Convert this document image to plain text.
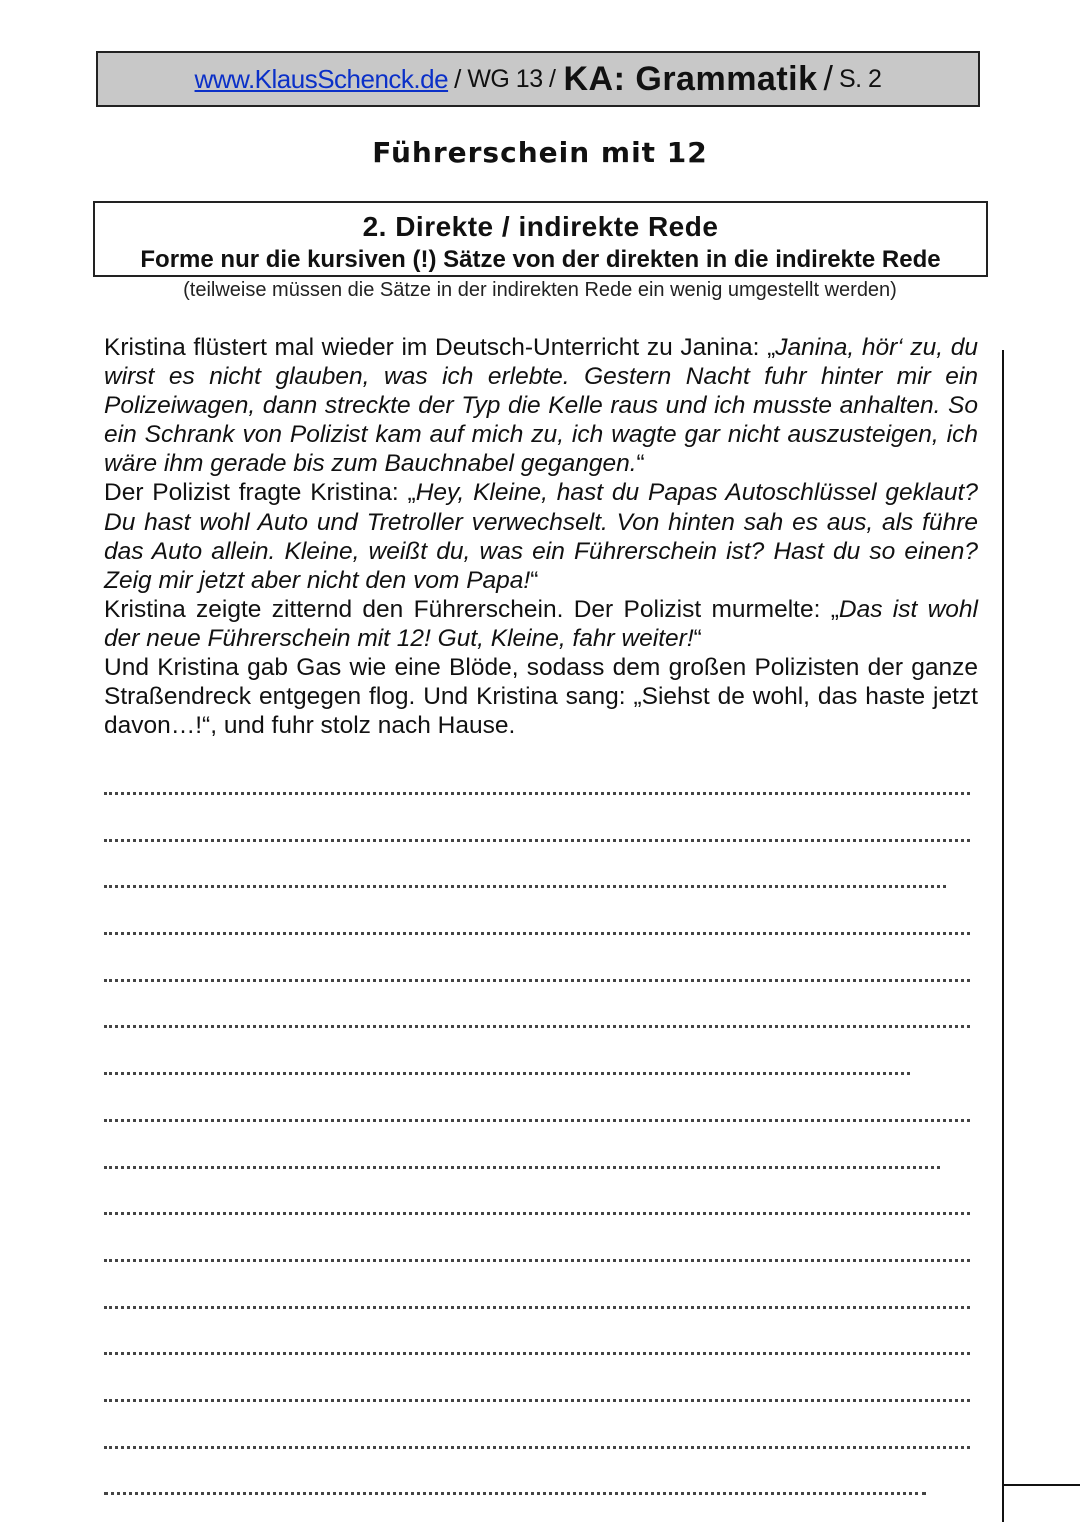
www.KlausSchenck.de / WG 13 / KA: Grammatik / S. 2
Führerschein mit 12
2. Direkte / indirekte Rede
Forme nur die kursiven (!) Sätze von der direkten in die indirekte Rede
(teilweise müssen die Sätze in der indirekten Rede ein wenig umgestellt werden)

Kristina flüstert mal wieder im Deutsch-Unterricht zu Janina: „Janina, hör‘ zu, du wirst es nicht glauben, was ich erlebte. Gestern Nacht fuhr hinter mir ein Polizeiwagen, dann streckte der Typ die Kelle raus und ich musste anhalten. So ein Schrank von Polizist kam auf mich zu, ich wagte gar nicht auszusteigen, ich wäre ihm gerade bis zum Bauchnabel gegangen.“

Der Polizist fragte Kristina: „Hey, Kleine, hast du Papas Autoschlüssel geklaut? Du hast wohl Auto und Tretroller verwechselt. Von hinten sah es aus, als führe das Auto allein. Kleine, weißt du, was ein Führerschein ist? Hast du so einen? Zeig mir jetzt aber nicht den vom Papa!“

Kristina zeigte zitternd den Führerschein. Der Polizist murmelte: „Das ist wohl der neue Führerschein mit 12! Gut, Kleine, fahr weiter!“

Und Kristina gab Gas wie eine Blöde, sodass dem großen Polizisten der ganze Straßendreck entgegen flog. Und Kristina sang: „Siehst de wohl, das haste jetzt davon…!“, und fuhr stolz nach Hause.
